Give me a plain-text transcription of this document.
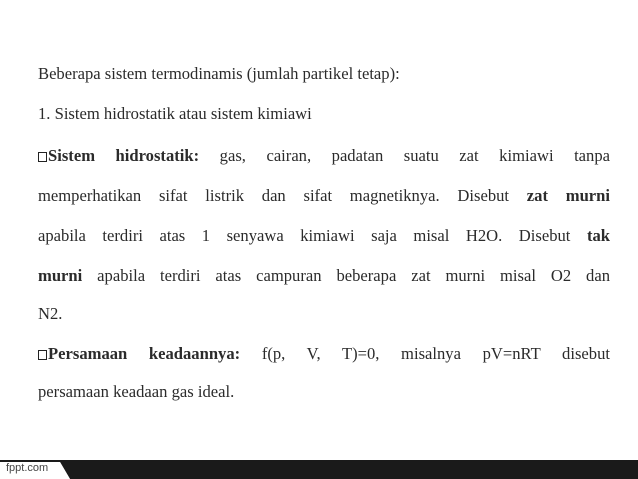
Beberapa sistem termodinamis (jumlah partikel tetap):
1. Sistem hidrostatik atau sistem kimiawi
Sistem hidrostatik: gas, cairan, padatan suatu zat kimiawi tanpa
memperhatikan sifat listrik dan sifat magnetiknya. Disebut zat murni
apabila terdiri atas 1 senyawa kimiawi saja misal H2O. Disebut tak
murni apabila terdiri atas campuran beberapa zat murni misal O2 dan
N2.
Persamaan keadaannya: f(p, V, T)=0, misalnya pV=nRT disebut
persamaan keadaan gas ideal.
fppt.com
